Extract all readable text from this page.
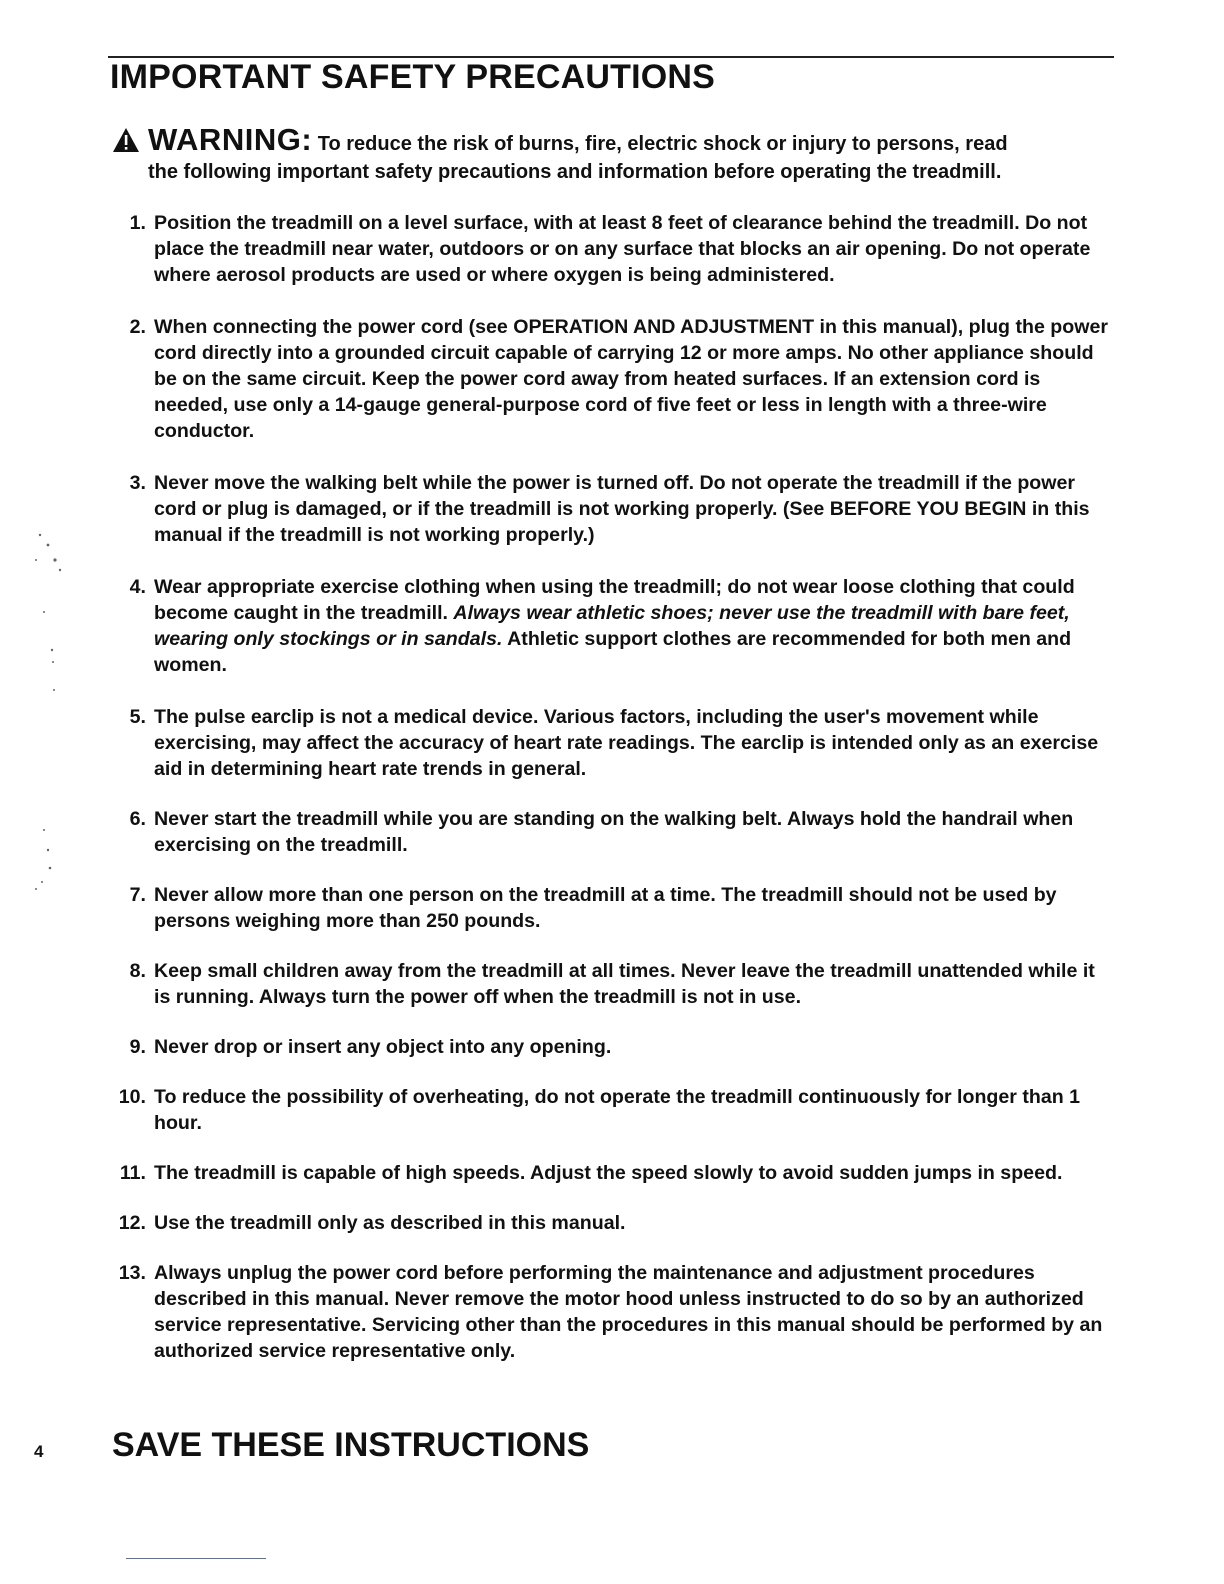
IMPORTANT SAFETY PRECAUTIONS
WARNING: To reduce the risk of burns, fire, electric shock or injury to persons, read
the following important safety precautions and information before operating the treadmill.
1. Position the treadmill on a level surface, with at least 8 feet of clearance behind the treadmill. Do not place the treadmill near water, outdoors or on any surface that blocks an air opening. Do not operate where aerosol products are used or where oxygen is being administered.
2. When connecting the power cord (see OPERATION AND ADJUSTMENT in this manual), plug the power cord directly into a grounded circuit capable of carrying 12 or more amps. No other appliance should be on the same circuit. Keep the power cord away from heated surfaces. If an extension cord is needed, use only a 14-gauge general-purpose cord of five feet or less in length with a three-wire conductor.
3. Never move the walking belt while the power is turned off. Do not operate the treadmill if the power cord or plug is damaged, or if the treadmill is not working properly. (See BEFORE YOU BEGIN in this manual if the treadmill is not working properly.)
4. Wear appropriate exercise clothing when using the treadmill; do not wear loose clothing that could become caught in the treadmill. Always wear athletic shoes; never use the treadmill with bare feet, wearing only stockings or in sandals. Athletic support clothes are recommended for both men and women.
5. The pulse earclip is not a medical device. Various factors, including the user's movement while exercising, may affect the accuracy of heart rate readings. The earclip is intended only as an exercise aid in determining heart rate trends in general.
6. Never start the treadmill while you are standing on the walking belt. Always hold the handrail when exercising on the treadmill.
7. Never allow more than one person on the treadmill at a time. The treadmill should not be used by persons weighing more than 250 pounds.
8. Keep small children away from the treadmill at all times. Never leave the treadmill unattended while it is running. Always turn the power off when the treadmill is not in use.
9. Never drop or insert any object into any opening.
10. To reduce the possibility of overheating, do not operate the treadmill continuously for longer than 1 hour.
11. The treadmill is capable of high speeds. Adjust the speed slowly to avoid sudden jumps in speed.
12. Use the treadmill only as described in this manual.
13. Always unplug the power cord before performing the maintenance and adjustment procedures described in this manual. Never remove the motor hood unless instructed to do so by an authorized service representative. Servicing other than the procedures in this manual should be performed by an authorized service representative only.
4 SAVE THESE INSTRUCTIONS
